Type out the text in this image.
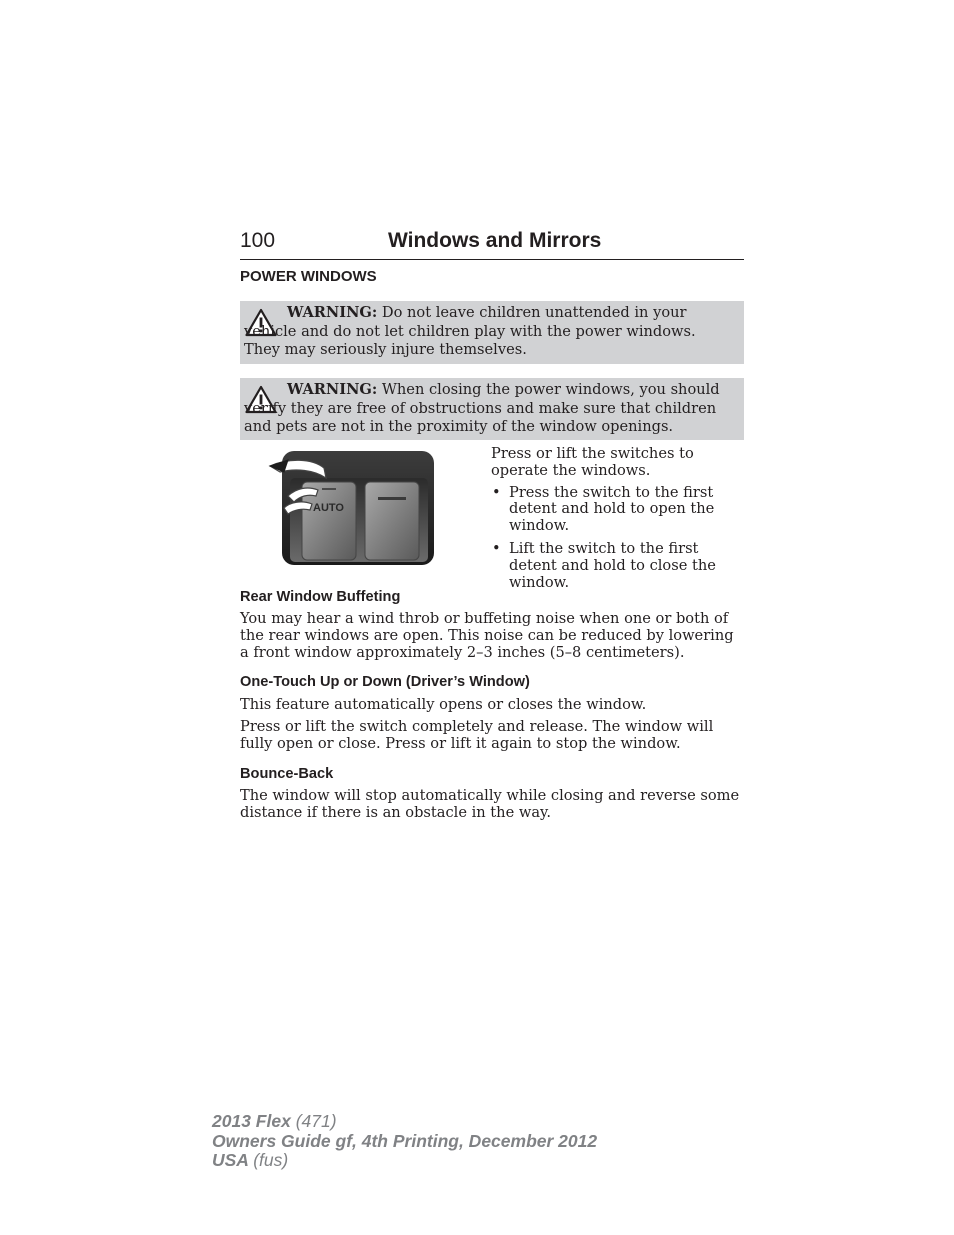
100	Windows and Mirrors
POWER WINDOWS
WARNING: Do not leave children unattended in your vehicle and do not let children play with the power windows. They may seriously injure themselves.
WARNING: When closing the power windows, you should verify they are free of obstructions and make sure that children and pets are not in the proximity of the window openings.
AUTO

Press or lift the switches to operate the windows.

• Press the switch to the first detent and hold to open the window.
• Lift the switch to the first detent and hold to close the window.
Rear Window Buffeting

You may hear a wind throb or buffeting noise when one or both of the rear windows are open. This noise can be reduced by lowering a front window approximately 2–3 inches (5–8 centimeters).

One-Touch Up or Down (Driver’s Window)

This feature automatically opens or closes the window.

Press or lift the switch completely and release. The window will fully open or close. Press or lift it again to stop the window.

Bounce-Back

The window will stop automatically while closing and reverse some distance if there is an obstacle in the way.

2013 Flex (471)
Owners Guide gf, 4th Printing, December 2012
USA (fus)
